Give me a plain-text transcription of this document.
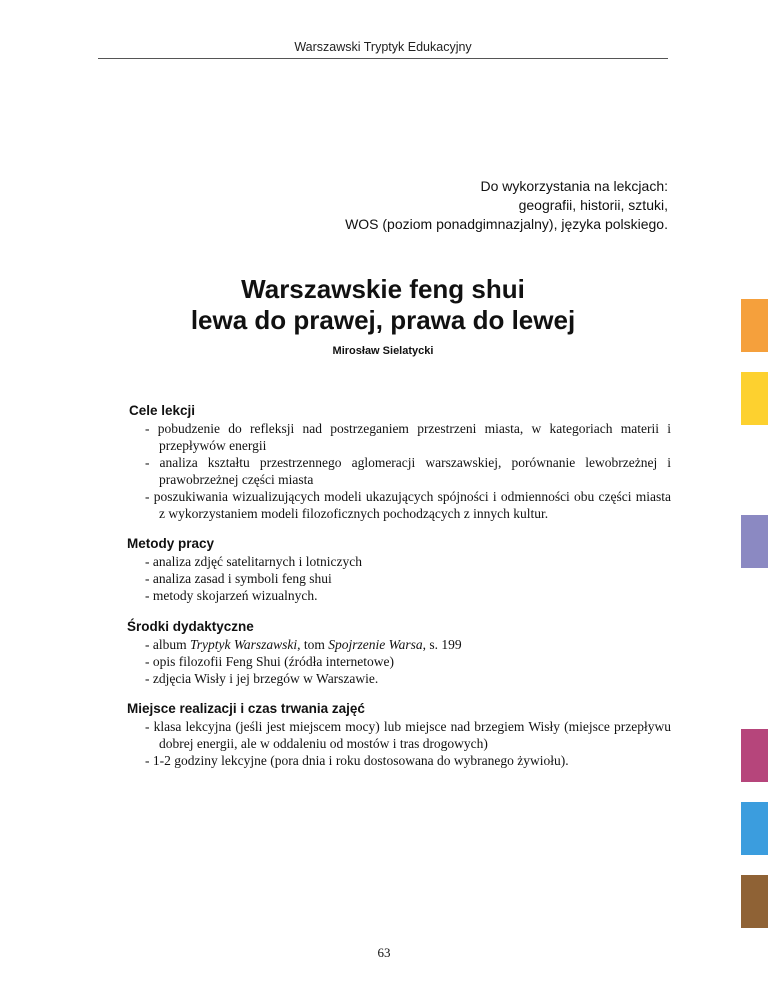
Warszawski Tryptyk Edukacyjny
Do wykorzystania na lekcjach:
geografii, historii, sztuki,
WOS (poziom ponadgimnazjalny), języka polskiego.
Warszawskie feng shui
lewa do prawej, prawa do lewej
Mirosław Sielatycki
Cele lekcji
- pobudzenie do refleksji nad postrzeganiem przestrzeni miasta, w kategoriach materii i przepływów energii
- analiza kształtu przestrzennego aglomeracji warszawskiej, porównanie lewobrzeżnej i prawobrzeżnej części miasta
- poszukiwania wizualizujących modeli ukazujących spójności i odmienności obu części miasta z wykorzystaniem modeli filozoficznych pochodzących z innych kultur.
Metody pracy
- analiza zdjęć satelitarnych i lotniczych
- analiza zasad i symboli feng shui
- metody skojarzeń wizualnych.
Środki dydaktyczne
- album Tryptyk Warszawski, tom Spojrzenie Warsa, s. 199
- opis filozofii Feng Shui (źródła internetowe)
- zdjęcia Wisły i jej brzegów w Warszawie.
Miejsce realizacji i czas trwania zajęć
- klasa lekcyjna (jeśli jest miejscem mocy) lub miejsce nad brzegiem Wisły (miejsce przepływu dobrej energii, ale w oddaleniu od mostów i tras drogowych)
- 1-2 godziny lekcyjne (pora dnia i roku dostosowana do wybranego żywiołu).
63
